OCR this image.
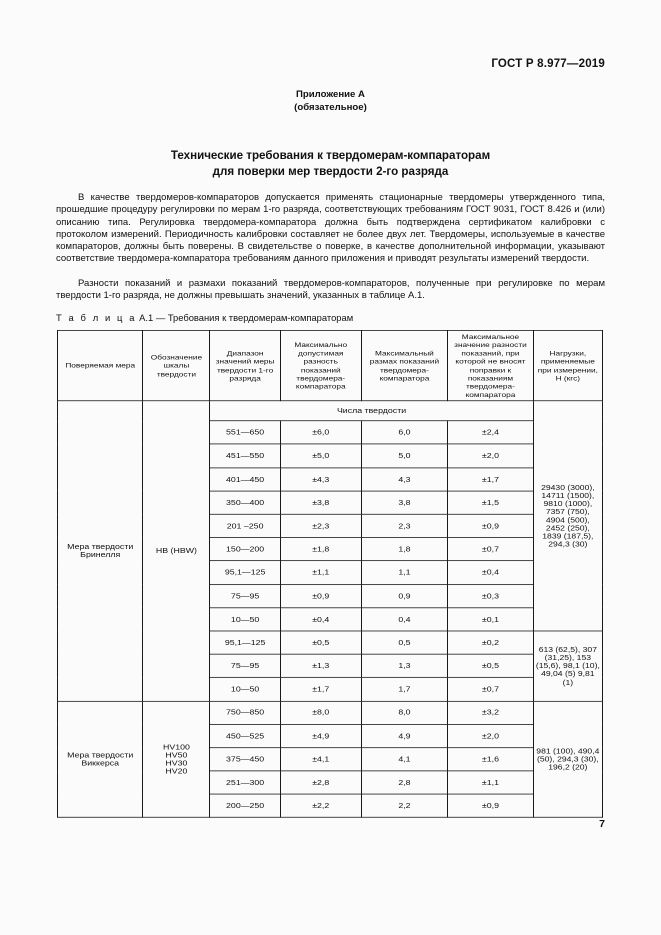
ГОСТ Р 8.977—2019
Приложение А
(обязательное)
Технические требования к твердомерам-компараторам
для поверки мер твердости 2-го разряда

В качестве твердомеров-компараторов допускается применять стационарные твердомеры утвержденного типа, прошедшие процедуру регулировки по мерам 1-го разряда, соответствующих требованиям ГОСТ 9031, ГОСТ 8.426 и (или) описанию типа. Регулировка твердомера-компаратора должна быть подтверждена сертификатом калибровки с протоколом измерений. Периодичность калибровки составляет не более двух лет. Твердомеры, используемые в качестве компараторов, должны быть поверены. В свидетельстве о поверке, в качестве дополнительной информации, указывают соответствие твердомера-компаратора требованиям данного приложения и приводят результаты измерений твердости.

Разности показаний и размахи показаний твердомеров-компараторов, полученные при регулировке по мерам твердости 1-го разряда, не должны превышать значений, указанных в таблице А.1.

Т а б л и ц а А.1 — Требования к твердомерам-компараторам
Поверяемая мера	Обозначение шкалы твердости	Диапазон значений меры твердости 1-го разряда	Максимально допустимая разность показаний твердомера-компаратора	Максимальный размах показаний твердомера-компаратора	Максимальное значение разности показаний, при которой не вносят поправки к показаниям твердомера-компаратора	Нагрузки, применяемые при измерении, Н (кгс)
Мера твердости Бринелля	HB (HBW)	Числа твердости				29430 (3000), 14711 (1500), 9810 (1000), 7357 (750), 4904 (500), 2452 (250), 1839 (187,5), 294,3 (30)
		551—650	±6,0	6,0	±2,4	
		451—550	±5,0	5,0	±2,0	
		401—450	±4,3	4,3	±1,7	
		350—400	±3,8	3,8	±1,5	
		201 –250	±2,3	2,3	±0,9	
		150—200	±1,8	1,8	±0,7	
		95,1—125	±1,1	1,1	±0,4	
		75—95	±0,9	0,9	±0,3	
		10—50	±0,4	0,4	±0,1	
		95,1—125	±0,5	0,5	±0,2	613 (62,5), 307 (31,25), 153 (15,6), 98,1 (10), 49,04 (5) 9,81 (1)
		75—95	±1,3	1,3	±0,5	
		10—50	±1,7	1,7	±0,7	
Мера твердости Виккерса	HV100
HV50
HV30
HV20	750—850	±8,0	8,0	±3,2	981 (100), 490,4 (50), 294,3 (30), 196,2 (20)
		450—525	±4,9	4,9	±2,0	
		375—450	±4,1	4,1	±1,6	
		251—300	±2,8	2,8	±1,1	
		200—250	±2,2	2,2	±0,9	
7
